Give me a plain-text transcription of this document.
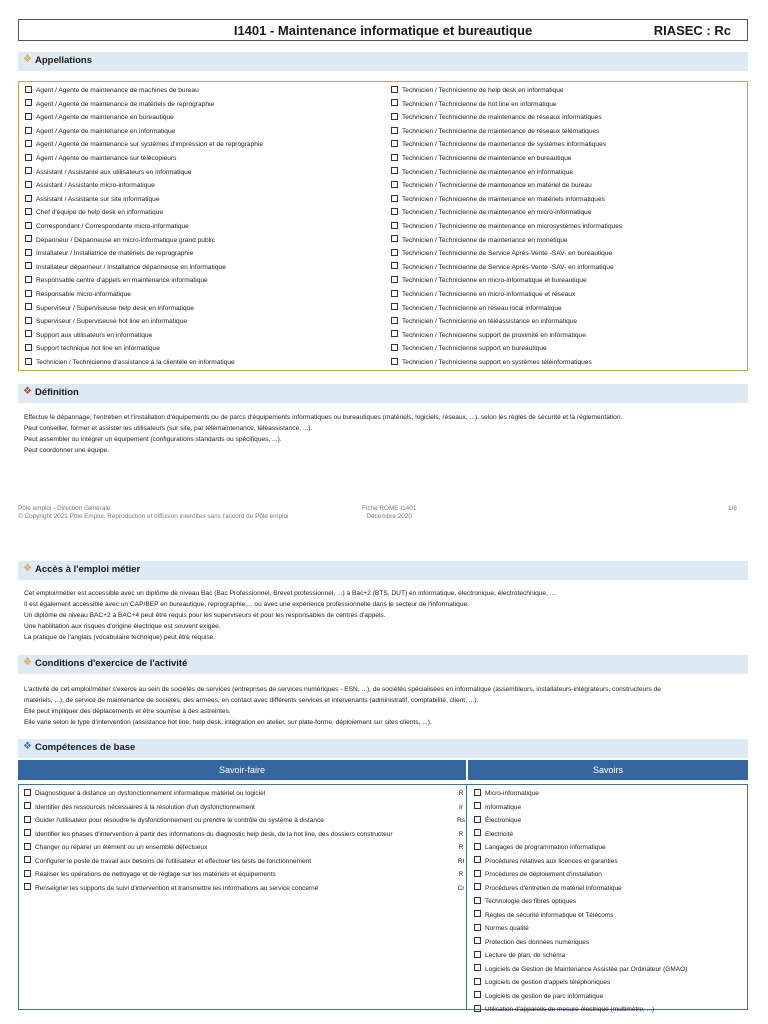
I1401 - Maintenance informatique et bureautique	RIASEC : Rc
❖ Appellations
Agent / Agente de maintenance de machines de bureau
Agent / Agente de maintenance de matériels de reprographie
Agent / Agente de maintenance en bureautique
Agent / Agente de maintenance en informatique
Agent / Agente de maintenance sur systèmes d'impression et de reprographie
Agent / Agente de maintenance sur télécopieurs
Assistant / Assistante aux utilisateurs en informatique
Assistant / Assistante micro-informatique
Assistant / Assistante sur site informatique
Chef d'équipe de help desk en informatique
Correspondant / Correspondante micro-informatique
Dépanneur / Dépanneuse en micro-informatique grand public
Installateur / Installatrice de matériels de reprographie
Installateur dépanneur / Installatrice dépanneuse en informatique
Responsable centre d'appels en maintenance informatique
Responsable micro-informatique
Superviseur / Superviseuse help desk en informatique
Superviseur / Superviseuse hot line en informatique
Support aux utilisateurs en informatique
Support technique hot line en informatique
Technicien / Technicienne d'assistance à la clientèle en informatique
Technicien / Technicienne de help desk en informatique
Technicien / Technicienne de hot line en informatique
Technicien / Technicienne de maintenance de réseaux informatiques
Technicien / Technicienne de maintenance de réseaux télématiques
Technicien / Technicienne de maintenance de systèmes informatiques
Technicien / Technicienne de maintenance en bureautique
Technicien / Technicienne de maintenance en informatique
Technicien / Technicienne de maintenance en matériel de bureau
Technicien / Technicienne de maintenance en matériels informatiques
Technicien / Technicienne de maintenance en micro-informatique
Technicien / Technicienne de maintenance en microsystèmes informatiques
Technicien / Technicienne de maintenance en monétique
Technicien / Technicienne de Service Après-Vente -SAV- en bureautique
Technicien / Technicienne de Service Après-Vente -SAV- en informatique
Technicien / Technicienne en micro-informatique et bureautique
Technicien / Technicienne en micro-informatique et réseaux
Technicien / Technicienne en réseau local informatique
Technicien / Technicienne en téléassistance en informatique
Technicien / Technicienne support de proximité en informatique
Technicien / Technicienne support en bureautique
Technicien / Technicienne support en systèmes téléinformatiques
❖ Définition

Effectue le dépannage, l'entretien et l'installation d'équipements ou de parcs d'équipements informatiques ou bureautiques (matériels, logiciels, réseaux, ...), selon les règles de sécurité et la réglementation.

Peut conseiller, former et assister les utilisateurs (sur site, par télémaintenance, téléassistance, ...).

Peut assembler ou intégrer un équipement (configurations standards ou spécifiques, ...).

Peut coordonner une équipe.

Pôle emploi - Direction Générale
© Copyright 2021 Pôle Emploi. Reproduction et diffusion interdites sans l'accord de Pôle emploi
Fiche ROME I1401
Décembre 2020
1/6
❖ Accès à l'emploi métier

Cet emploi/métier est accessible avec un diplôme de niveau Bac (Bac Professionnel, Brevet professionnel, ...) à Bac+2 (BTS, DUT) en informatique, électronique, électrotechnique, ...

Il est également accessible avec un CAP/BEP en bureautique, reprographie,... ou avec une expérience professionnelle dans le secteur de l'informatique.

Un diplôme de niveau BAC+2 à BAC+4 peut être requis pour les superviseurs et pour les responsables de centres d'appels.

Une habilitation aux risques d'origine électrique est souvent exigée.

La pratique de l'anglais (vocabulaire technique) peut être requise.

❖ Conditions d'exercice de l'activité

L'activité de cet emploi/métier s'exerce au sein de sociétés de services (entreprises de services numériques - ESN, ...), de sociétés spécialisées en informatique (assembleurs, installateurs-intégrateurs, constructeurs de

matériels, ...), de service de maintenance de sociétés, des armées, en contact avec différents services et intervenants (administratif, comptabilité, client, ...).

Elle peut impliquer des déplacements et être soumise à des astreintes.

Elle varie selon le type d'intervention (assistance hot line, help desk, intégration en atelier, sur plate-forme, déploiement sur sites clients, ...).

❖ Compétences de base
Savoir-faire	Savoirs
Diagnostiquer à distance un dysfonctionnement informatique matériel ou logiciel	R
Identifier des ressources nécessaires à la résolution d'un dysfonctionnement	Ir
Guider l'utilisateur pour résoudre le dysfonctionnement ou prendre le contrôle du système à distance	Rs
Identifier les phases d'intervention à partir des informations du diagnostic help desk, de la hot line, des dossiers constructeur	R
Changer ou réparer un élément ou un ensemble défectueux	R
Configurer le poste de travail aux besoins de l'utilisateur et effectuer les tests de fonctionnement	RI
Réaliser les opérations de nettoyage et de réglage sur les matériels et équipements	R
Renseigner les supports de suivi d'intervention et transmettre les informations au service concerné	Cr
Micro-informatique
Informatique
Électronique
Electricité
Langages de programmation informatique
Procédures relatives aux licences et garanties
Procédures de déploiement d'installation
Procédures d'entretien de matériel informatique
Technologie des fibres optiques
Règles de sécurité informatique et Télécoms
Normes qualité
Protection des données numériques
Lecture de plan, de schéma
Logiciels de Gestion de Maintenance Assistée par Ordinateur (GMAO)
Logiciels de gestion d'appels téléphoniques
Logiciels de gestion de parc informatique
Utilisation d'appareils de mesure électrique (multimètre, ...)
